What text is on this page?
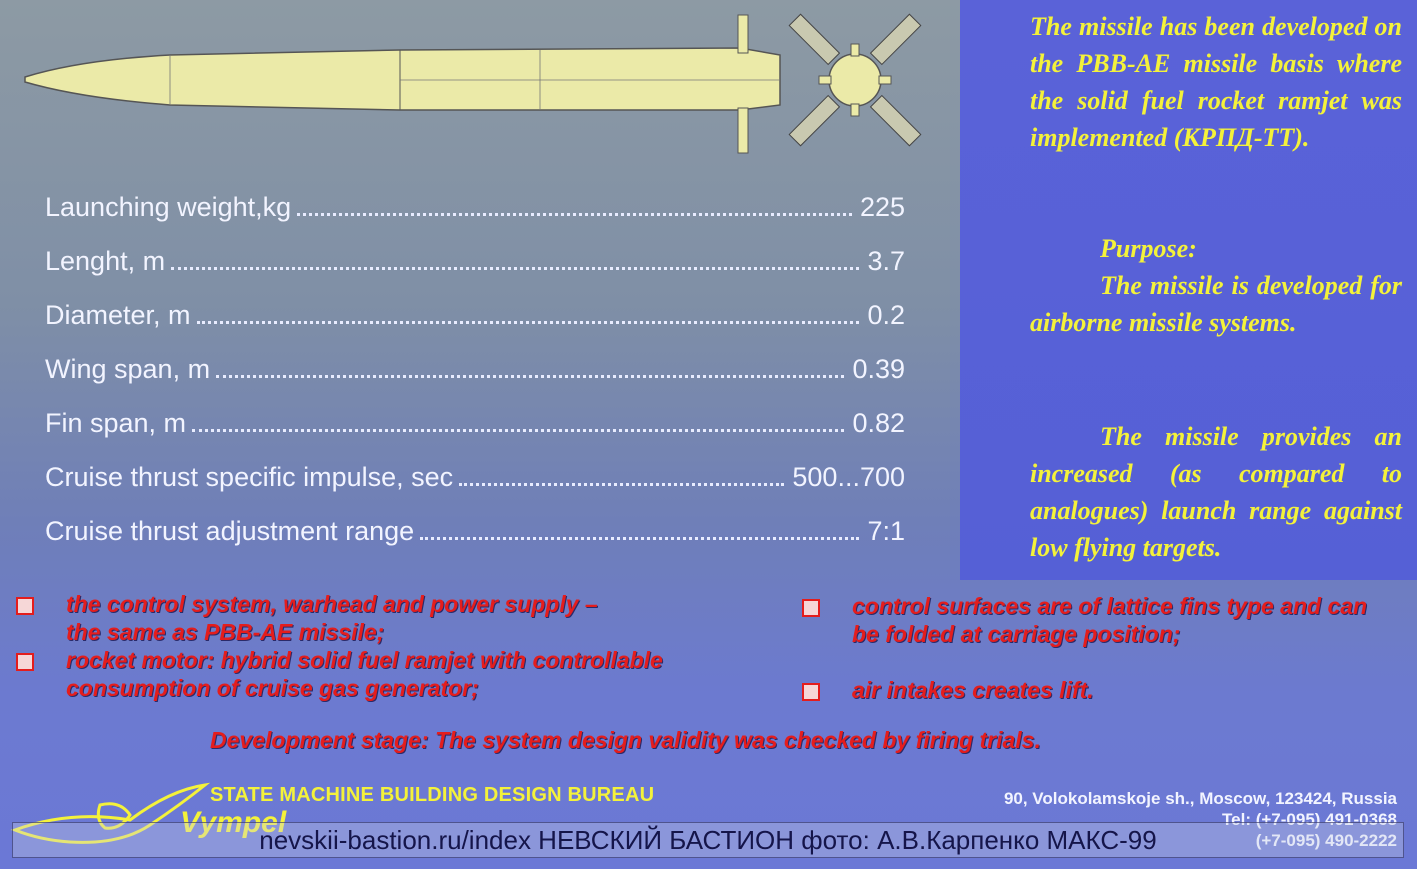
Launching weight,kg	225
Lenght, m	3.7
Diameter, m	0.2
Wing span, m	0.39
Fin span, m	0.82
Cruise thrust specific impulse, sec	500...700
Cruise thrust adjustment range	7:1
The missile has been developed on the PBB-AE missile basis where the solid fuel rocket ramjet was implemented (КРПД-ТТ).
Purpose:
The missile is developed for airborne missile systems.
The missile provides an increased (as compared to analogues) launch range against low flying targets.
the control system, warhead and power supply – the same as PBB-AE missile;
rocket motor: hybrid solid fuel ramjet with controllable consumption of cruise gas generator;
control surfaces are of lattice fins type and can be folded at carriage position;
air intakes creates lift.
Development stage: The system design validity was checked by firing trials.
STATE MACHINE BUILDING DESIGN BUREAU
Vympel
90, Volokolamskoje sh., Moscow, 123424, Russia
Tel: (+7-095) 491-0368
(+7-095) 490-2222
nevskii-bastion.ru/index НЕВСКИЙ БАСТИОН фото: А.В.Карпенко МАКС-99
